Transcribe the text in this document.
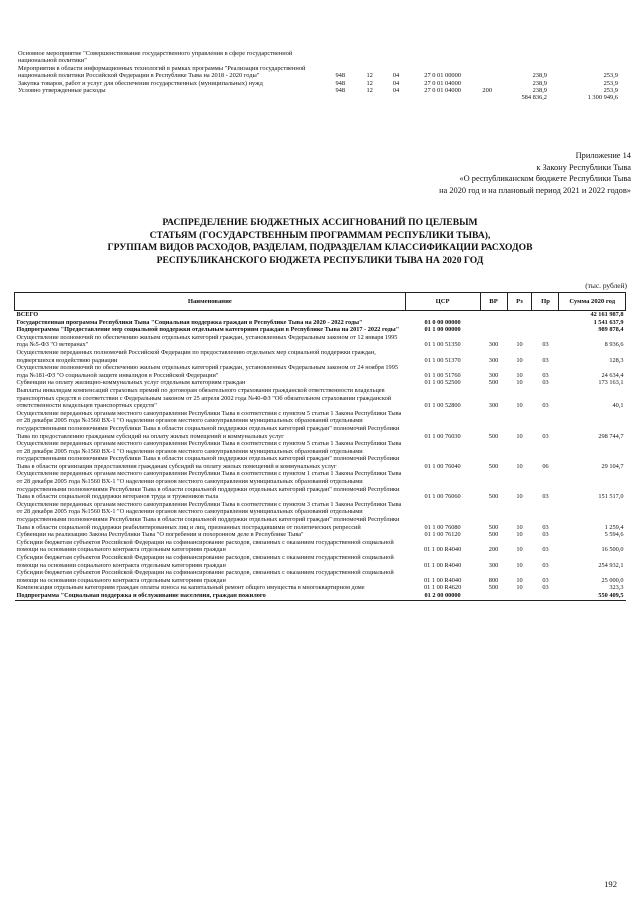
Основное мероприятие "Совершенствование государственного управления в сфере государственной национальной политики"							
Мероприятия в области информационных технологий в рамках программы "Реализация государственной национальной политики Российской Федерации в Республике Тыва на 2018 - 2020 годы"	948	12	04	27 0 01 00000		238,9	253,9
Закупка товаров, работ и услуг для обеспечения государственных (муниципальных) нужд	948	12	04	27 0 01 04000		238,9	253,9
Условно утвержденные расходы	948	12	04	27 0 01 04000	200	238,9	253,9
						584 836,2	1 300 949,6
Приложение 14
к Закону Республики Тыва
«О республиканском бюджете Республики Тыва
на 2020 год и на плановый период 2021 и 2022 годов»
РАСПРЕДЕЛЕНИЕ БЮДЖЕТНЫХ АССИГНОВАНИЙ ПО ЦЕЛЕВЫМ
СТАТЬЯМ (ГОСУДАРСТВЕННЫМ ПРОГРАММАМ РЕСПУБЛИКИ ТЫВА),
ГРУППАМ ВИДОВ РАСХОДОВ, РАЗДЕЛАМ, ПОДРАЗДЕЛАМ КЛАССИФИКАЦИИ РАСХОДОВ
РЕСПУБЛИКАНСКОГО БЮДЖЕТА РЕСПУБЛИКИ ТЫВА НА 2020 ГОД
(тыс. рублей)
Наименование	ЦСР	ВР	Рз	Пр	Сумма 2020 год
ВСЕГО					42 161 987,8
Государственная программа Республики Тыва "Социальная поддержка граждан в Республике Тыва на 2020 - 2022 годы"	01 0 00 00000				1 541 637,9
Подпрограмма "Предоставление мер социальной поддержки отдельным категориям граждан в Республике Тыва на 2017 - 2022 годы"	01 1 00 00000				989 878,4
Осуществление полномочий по обеспечению жильем отдельных категорий граждан, установленных Федеральным законом от 12 января 1995 года №5-ФЗ "О ветеранах"	01 1 00 51350	300	10	03	8 936,6
Осуществление переданных полномочий Российской Федерации по предоставлению отдельных мер социальной поддержки граждан, подвергшихся воздействию радиации	01 1 00 51370	300	10	03	128,3
Осуществление полномочий по обеспечению жильем отдельных категорий граждан, установленных Федеральным законом от 24 ноября 1995 года №181-ФЗ "О социальной защите инвалидов в Российской Федерации"	01 1 00 51760	300	10	03	24 634,4
Субвенции на оплату жилищно-коммунальных услуг отдельным категориям граждан	01 1 00 52500	500	10	03	173 163,1
Выплаты инвалидам компенсаций страховых премий по договорам обязательного страхования гражданской ответственности владельцев транспортных средств в соответствии с Федеральным законом от 25 апреля 2002 года №40-ФЗ "Об обязательном страховании гражданской ответственности владельцев транспортных средств"	01 1 00 52800	300	10	03	40,1
Осуществление переданных органам местного самоуправления Республики Тыва в соответствии с пунктом 5 статьи 1 Закона Республики Тыва от 28 декабря 2005 года №1560 ВХ-1 "О наделении органов местного самоуправления муниципальных образований отдельными государственными полномочиями Республики Тыва в области социальной поддержки отдельных категорий граждан" полномочий Республики Тыва по предоставлению гражданам субсидий на оплату жилых помещений и коммунальных услуг	01 1 00 76030	500	10	03	298 744,7
Осуществление переданных органам местного самоуправления Республики Тыва в соответствии с пунктом 5 статьи 1 Закона Республики Тыва от 28 декабря 2005 года №1560 ВХ-1 "О наделении органов местного самоуправления муниципальных образований отдельными государственными полномочиями Республики Тыва в области социальной поддержки отдельных категорий граждан" полномочий Республики Тыва в области организации предоставления гражданам субсидий на оплату жилых помещений и коммунальных услуг	01 1 00 76040	500	10	06	29 104,7
Осуществление переданных органам местного самоуправления Республики Тыва в соответствии с пунктом 1 статьи 1 Закона Республики Тыва от 28 декабря 2005 года №1560 ВХ-1 "О наделении органов местного самоуправления муниципальных образований отдельными государственными полномочиями Республики Тыва в области социальной поддержки отдельных категорий граждан" полномочий Республики Тыва в области социальной поддержки ветеранов труда и тружеников тыла	01 1 00 76060	500	10	03	151 517,0
Осуществление переданных органам местного самоуправления Республики Тыва в соответствии с пунктом 3 статьи 1 Закона Республики Тыва от 28 декабря 2005 года №1560 ВХ-1 "О наделении органов местного самоуправления муниципальных образований отдельными государственными полномочиями Республики Тыва в области социальной поддержки отдельных категорий граждан" полномочий Республики Тыва в области социальной поддержки реабилитированных лиц и лиц, признанных пострадавшими от политических репрессий	01 1 00 76080	500	10	03	1 259,4
Субвенции на реализацию Закона Республики Тыва "О погребении и похоронном деле в Республике Тыва"	01 1 00 76120	500	10	03	5 594,6
Субсидии бюджетам субъектов Российской Федерации на софинансирование расходов, связанных с оказанием государственной социальной помощи на основании социального контракта отдельным категориям граждан	01 1 00 R4040	200	10	03	16 500,0
Субсидии бюджетам субъектов Российской Федерации на софинансирование расходов, связанных с оказанием государственной социальной помощи на основании социального контракта отдельным категориям граждан	01 1 00 R4040	300	10	03	254 932,1
Субсидии бюджетам субъектов Российской Федерации на софинансирование расходов, связанных с оказанием государственной социальной помощи на основании социального контракта отдельным категориям граждан	01 1 00 R4040	800	10	03	25 000,0
Компенсация отдельным категориям граждан оплаты взноса на капитальный ремонт общего имущества в многоквартирном доме	01 1 00 R4620	500	10	03	323,3
Подпрограмма "Социальная поддержка и обслуживание населения, граждан пожилого	01 2 00 00000				550 409,5
192
